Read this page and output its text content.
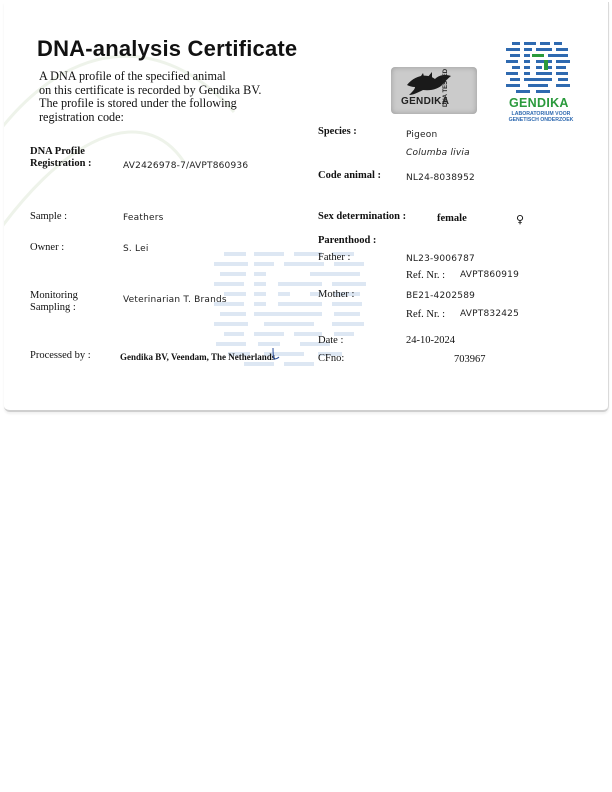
DNA-analysis Certificate
A DNA profile of the specified animal
on this certificate is recorded by Gendika BV.
The profile is stored under the following
registration code:
GENDIKA
DNA TESTED	GENDIKA
LABORATORIUM VOOR
GENETISCH ONDERZOEK
DNA Profile
Registration :	AV2426978-7/AVPT860936
Sample :	Feathers
Owner :	S. Lei
Monitoring
Sampling :
Veterinarian T. Brands
Processed by :	Gendika BV, Veendam, The Netherlands
Species :	Pigeon
Columba livia
Code animal :	NL24-8038952
Sex determination :	female	♀
Parenthood :
Father :	NL23-9006787
Ref. Nr. : AVPT860919
Mother :	BE21-4202589
Ref. Nr. : AVPT832425
Date :	24-10-2024
CFno:	703967
